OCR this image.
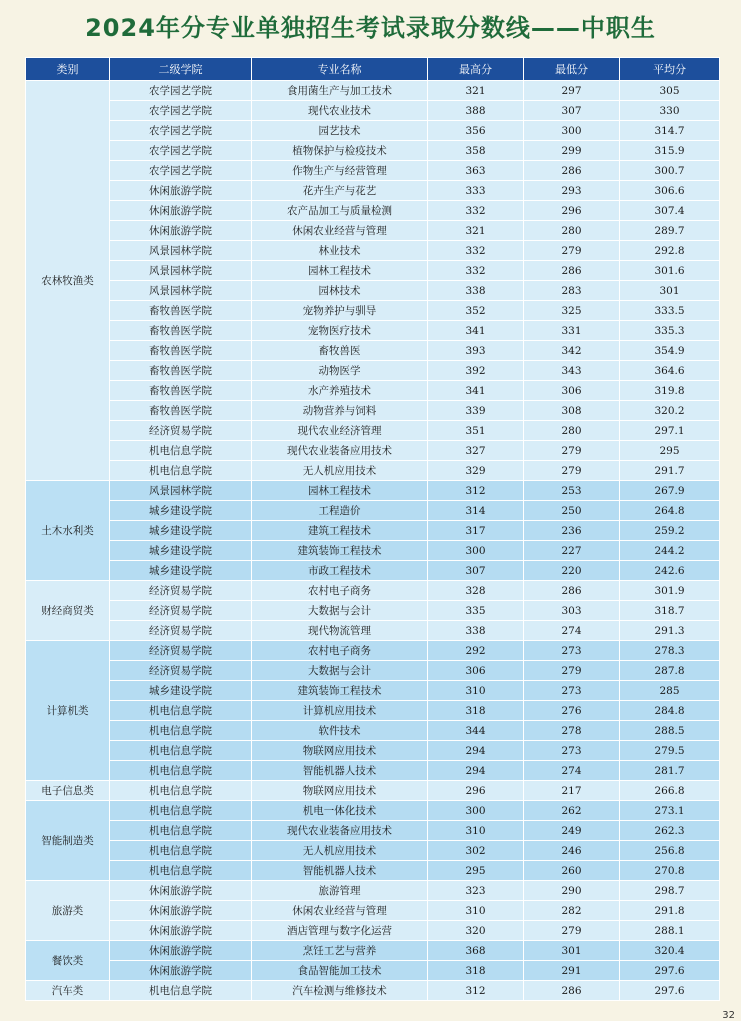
2024年分专业单独招生考试录取分数线——中职生
类别	二级学院	专业名称	最高分	最低分	平均分
农林牧渔类	农学园艺学院	食用菌生产与加工技术	321	297	305
	农学园艺学院	现代农业技术	388	307	330
	农学园艺学院	园艺技术	356	300	314.7
	农学园艺学院	植物保护与检疫技术	358	299	315.9
	农学园艺学院	作物生产与经营管理	363	286	300.7
	休闲旅游学院	花卉生产与花艺	333	293	306.6
	休闲旅游学院	农产品加工与质量检测	332	296	307.4
	休闲旅游学院	休闲农业经营与管理	321	280	289.7
	风景园林学院	林业技术	332	279	292.8
	风景园林学院	园林工程技术	332	286	301.6
	风景园林学院	园林技术	338	283	301
	畜牧兽医学院	宠物养护与驯导	352	325	333.5
	畜牧兽医学院	宠物医疗技术	341	331	335.3
	畜牧兽医学院	畜牧兽医	393	342	354.9
	畜牧兽医学院	动物医学	392	343	364.6
	畜牧兽医学院	水产养殖技术	341	306	319.8
	畜牧兽医学院	动物营养与饲料	339	308	320.2
	经济贸易学院	现代农业经济管理	351	280	297.1
	机电信息学院	现代农业装备应用技术	327	279	295
	机电信息学院	无人机应用技术	329	279	291.7
土木水利类	风景园林学院	园林工程技术	312	253	267.9
	城乡建设学院	工程造价	314	250	264.8
	城乡建设学院	建筑工程技术	317	236	259.2
	城乡建设学院	建筑装饰工程技术	300	227	244.2
	城乡建设学院	市政工程技术	307	220	242.6
财经商贸类	经济贸易学院	农村电子商务	328	286	301.9
	经济贸易学院	大数据与会计	335	303	318.7
	经济贸易学院	现代物流管理	338	274	291.3
计算机类	经济贸易学院	农村电子商务	292	273	278.3
	经济贸易学院	大数据与会计	306	279	287.8
	城乡建设学院	建筑装饰工程技术	310	273	285
	机电信息学院	计算机应用技术	318	276	284.8
	机电信息学院	软件技术	344	278	288.5
	机电信息学院	物联网应用技术	294	273	279.5
	机电信息学院	智能机器人技术	294	274	281.7
电子信息类	机电信息学院	物联网应用技术	296	217	266.8
智能制造类	机电信息学院	机电一体化技术	300	262	273.1
	机电信息学院	现代农业装备应用技术	310	249	262.3
	机电信息学院	无人机应用技术	302	246	256.8
	机电信息学院	智能机器人技术	295	260	270.8
旅游类	休闲旅游学院	旅游管理	323	290	298.7
	休闲旅游学院	休闲农业经营与管理	310	282	291.8
	休闲旅游学院	酒店管理与数字化运营	320	279	288.1
餐饮类	休闲旅游学院	烹饪工艺与营养	368	301	320.4
	休闲旅游学院	食品智能加工技术	318	291	297.6
汽车类	机电信息学院	汽车检测与维修技术	312	286	297.6
32
